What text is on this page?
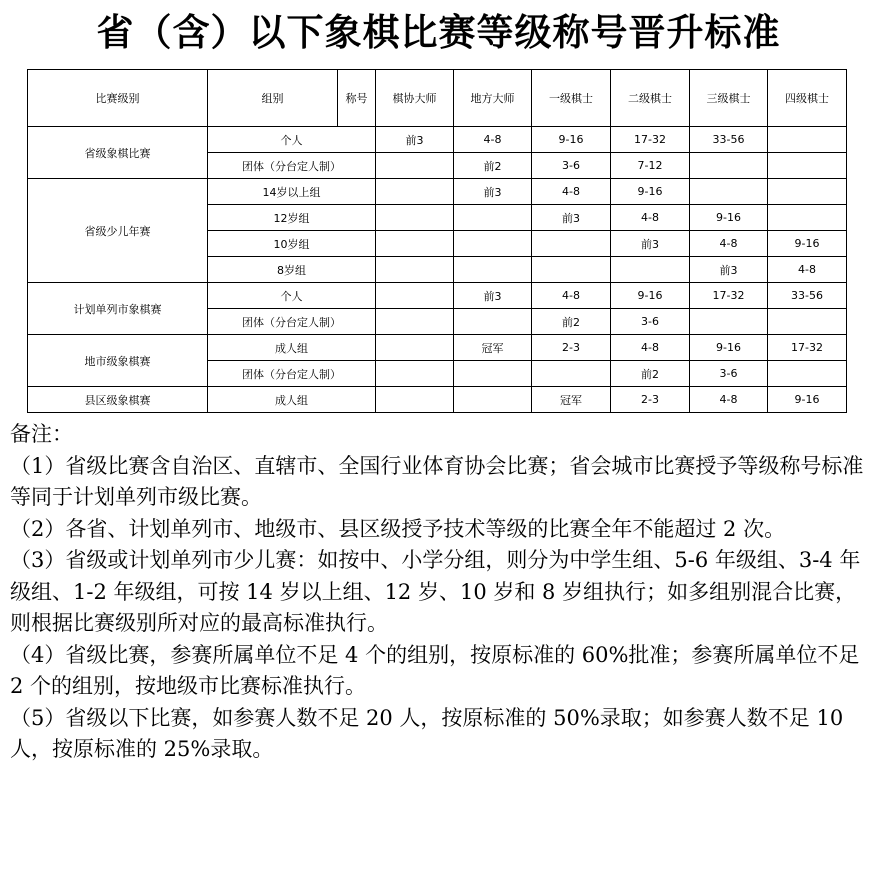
省（含）以下象棋比赛等级称号晋升标准
比赛级别	组别	称号	棋协大师	地方大师	一级棋士	二级棋士	三级棋士	四级棋士
省级象棋比赛	个人		前3	4-8	9-16	17-32	33-56	
	团体（分台定人制）			前2	3-6	7-12		
省级少儿年赛	14岁以上组			前3	4-8	9-16		
	12岁组				前3	4-8	9-16	
	10岁组					前3	4-8	9-16
	8岁组						前3	4-8
计划单列市象棋赛	个人			前3	4-8	9-16	17-32	33-56
	团体（分台定人制）				前2	3-6		
地市级象棋赛	成人组			冠军	2-3	4-8	9-16	17-32
	团体（分台定人制）					前2	3-6	
县区级象棋赛	成人组				冠军	2-3	4-8	9-16

备注：

（1）省级比赛含自治区、直辖市、全国行业体育协会比赛；省会城市比赛授予等级称号标准等同于计划单列市级比赛。

（2）各省、计划单列市、地级市、县区级授予技术等级的比赛全年不能超过 2 次。

（3）省级或计划单列市少儿赛：如按中、小学分组，则分为中学生组、5-6 年级组、3-4 年级组、1-2 年级组，可按 14 岁以上组、12 岁、10 岁和 8 岁组执行；如多组别混合比赛，则根据比赛级别所对应的最高标准执行。

（4）省级比赛，参赛所属单位不足 4 个的组别，按原标准的 60%批准；参赛所属单位不足 2 个的组别，按地级市比赛标准执行。

（5）省级以下比赛，如参赛人数不足 20 人，按原标准的 50%录取；如参赛人数不足 10 人，按原标准的 25%录取。
